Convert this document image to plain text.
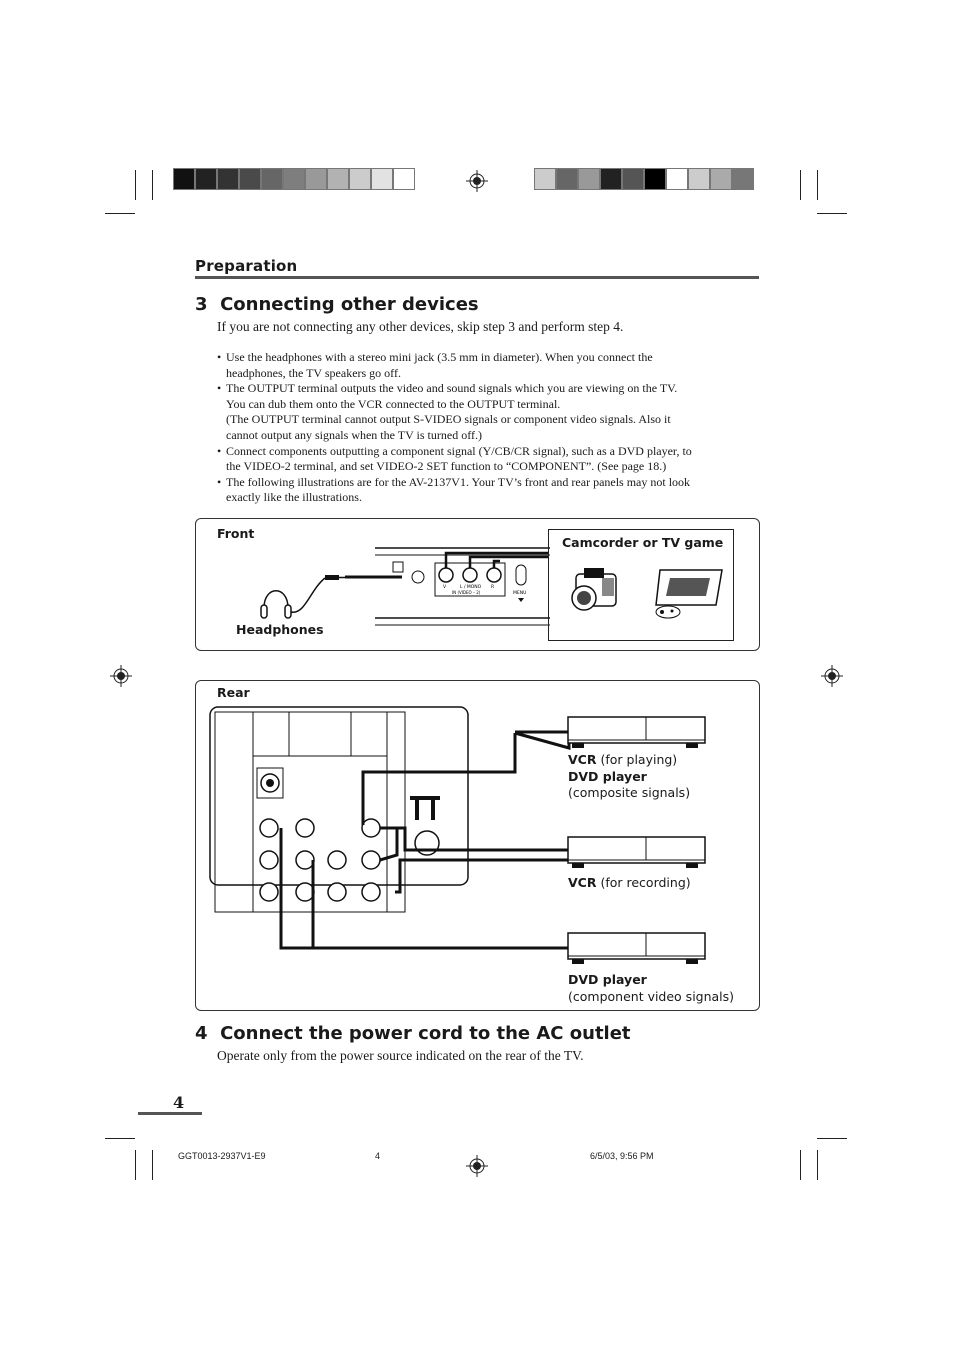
Preparation
3 Connecting other devices
If you are not connecting any other devices, skip step 3 and perform step 4.
• Use the headphones with a stereo mini jack (3.5 mm in diameter). When you connect the
headphones, the TV speakers go off.
• The OUTPUT terminal outputs the video and sound signals which you are viewing on the TV.
You can dub them onto the VCR connected to the OUTPUT terminal.
(The OUTPUT terminal cannot output S-VIDEO signals or component video signals. Also it
cannot output any signals when the TV is turned off.)
• Connect components outputting a component signal (Y/CB/CR signal), such as a DVD player, to
the VIDEO-2 terminal, and set VIDEO-2 SET function to “COMPONENT”. (See page 18.)
• The following illustrations are for the AV-2137V1. Your TV’s front and rear panels may not look
exactly like the illustrations.
Front
Headphones
V	L / MONO R
IN (VIDEO – 2)	MENU
Camcorder or TV game
Rear
VCR (for playing)
DVD player
(composite signals)
VCR (for recording)
DVD player
(component video signals)
4 Connect the power cord to the AC outlet
Operate only from the power source indicated on the rear of the TV.
4
GGT0013-2937V1-E9	4	6/5/03, 9:56 PM
